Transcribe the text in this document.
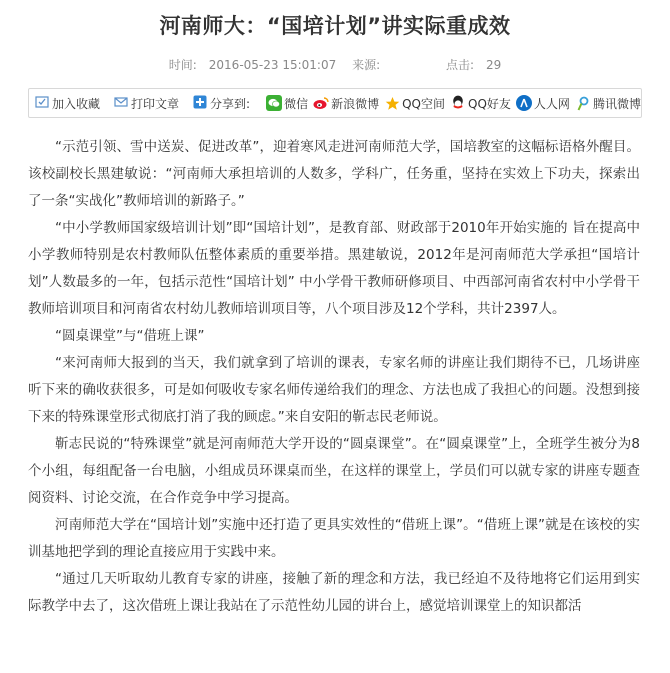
河南师大：“国培计划”讲实际重成效
时间: 2016-05-23 15:01:07 来源:	点击: 29
加入收藏	打印文章	分享到:	微信 新浪微博 QQ空间 QQ好友 人人网 腾讯微博

“示范引领、雪中送炭、促进改革”，迎着寒风走进河南师范大学，国培教室的这幅标语格外醒目。该校副校长黑建敏说：“河南师大承担培训的人数多，学科广，任务重，坚持在实效上下功夫，探索出了一条“实战化”教师培训的新路子。”

“中小学教师国家级培训计划”即“国培计划”，是教育部、财政部于2010年开始实施的 旨在提高中小学教师特别是农村教师队伍整体素质的重要举措。黑建敏说，2012年是河南师范大学承担“国培计划”人数最多的一年，包括示范性“国培计划” 中小学骨干教师研修项目、中西部河南省农村中小学骨干教师培训项目和河南省农村幼儿教师培训项目等，八个项目涉及12个学科，共计2397人。

“圆桌课堂”与“借班上课”

“来河南师大报到的当天，我们就拿到了培训的课表，专家名师的讲座让我们期待不已，几场讲座听下来的确收获很多，可是如何吸收专家名师传递给我们的理念、方法也成了我担心的问题。没想到接下来的特殊课堂形式彻底打消了我的顾虑。”来自安阳的靳志民老师说。

靳志民说的“特殊课堂”就是河南师范大学开设的“圆桌课堂”。在“圆桌课堂”上，全班学生被分为8个小组，每组配备一台电脑，小组成员环课桌而坐，在这样的课堂上，学员们可以就专家的讲座专题查阅资料、讨论交流，在合作竞争中学习提高。

河南师范大学在“国培计划”实施中还打造了更具实效性的“借班上课”。“借班上课”就是在该校的实训基地把学到的理论直接应用于实践中来。

“通过几天听取幼儿教育专家的讲座，接触了新的理念和方法，我已经迫不及待地将它们运用到实际教学中去了，这次借班上课让我站在了示范性幼儿园的讲台上，感觉培训课堂上的知识都活
